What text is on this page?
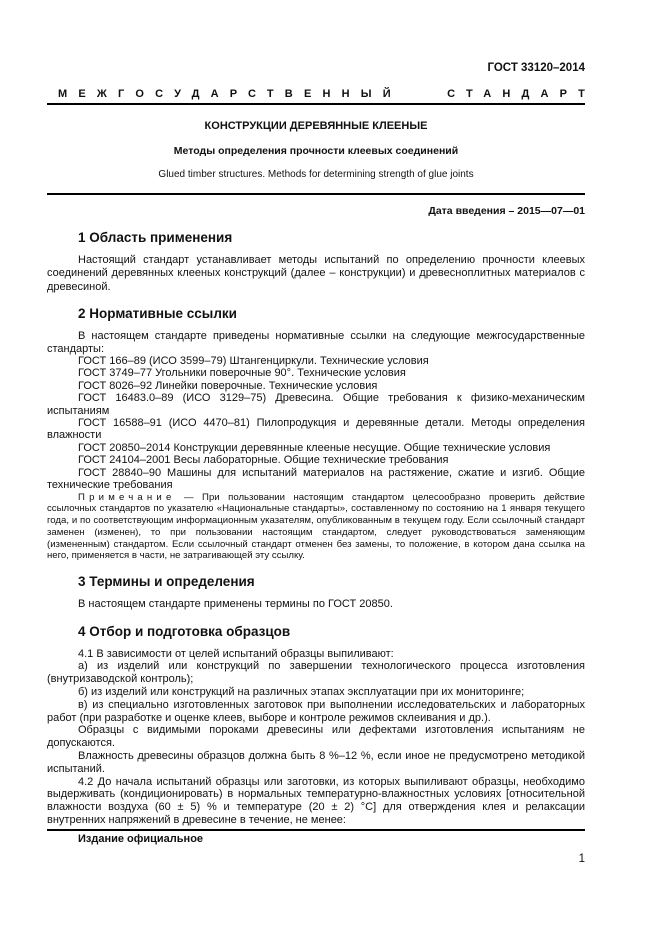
ГОСТ 33120–2014
МЕЖГОСУДАРСТВЕННЫЙ	СТАНДАРТ
КОНСТРУКЦИИ ДЕРЕВЯННЫЕ КЛЕЕНЫЕ
Методы определения прочности клеевых соединений
Glued timber structures. Methods for determining strength of glue joints
Дата введения – 2015—07—01
1 Область применения

Настоящий стандарт устанавливает методы испытаний по определению прочности клеевых соединений деревянных клееных конструкций (далее – конструкции) и древесноплитных материалов с древесиной.

2 Нормативные ссылки

В настоящем стандарте приведены нормативные ссылки на следующие межгосударственные стандарты:

ГОСТ 166–89 (ИСО 3599–79) Штангенциркули. Технические условия

ГОСТ 3749–77 Угольники поверочные 90°. Технические условия

ГОСТ 8026–92 Линейки поверочные. Технические условия

ГОСТ 16483.0–89 (ИСО 3129–75) Древесина. Общие требования к физико-механическим испытаниям

ГОСТ 16588–91 (ИСО 4470–81) Пилопродукция и деревянные детали. Методы определения влажности

ГОСТ 20850–2014 Конструкции деревянные клееные несущие. Общие технические условия

ГОСТ 24104–2001 Весы лабораторные. Общие технические требования

ГОСТ 28840–90 Машины для испытаний материалов на растяжение, сжатие и изгиб. Общие технические требования

Примечание — При пользовании настоящим стандартом целесообразно проверить действие ссылочных стандартов по указателю «Национальные стандарты», составленному по состоянию на 1 января текущего года, и по соответствующим информационным указателям, опубликованным в текущем году. Если ссылочный стандарт заменен (изменен), то при пользовании настоящим стандартом, следует руководствоваться заменяющим (измененным) стандартом. Если ссылочный стандарт отменен без замены, то положение, в котором дана ссылка на него, применяется в части, не затрагивающей эту ссылку.

3 Термины и определения

В настоящем стандарте применены термины по ГОСТ 20850.

4 Отбор и подготовка образцов

4.1 В зависимости от целей испытаний образцы выпиливают:

а) из изделий или конструкций по завершении технологического процесса изготовления (внутризаводской контроль);

б) из изделий или конструкций на различных этапах эксплуатации при их мониторинге;

в) из специально изготовленных заготовок при выполнении исследовательских и лабораторных работ (при разработке и оценке клеев, выборе и контроле режимов склеивания и др.).

Образцы с видимыми пороками древесины или дефектами изготовления испытаниям не допускаются.

Влажность древесины образцов должна быть 8 %–12 %, если иное не предусмотрено методикой испытаний.

4.2 До начала испытаний образцы или заготовки, из которых выпиливают образцы, необходимо выдерживать (кондиционировать) в нормальных температурно-влажностных условиях [относительной влажности воздуха (60 ± 5) % и температуре (20 ± 2) °С] для отверждения клея и релаксации внутренних напряжений в древесине в течение, не менее:

Издание официальное
1
